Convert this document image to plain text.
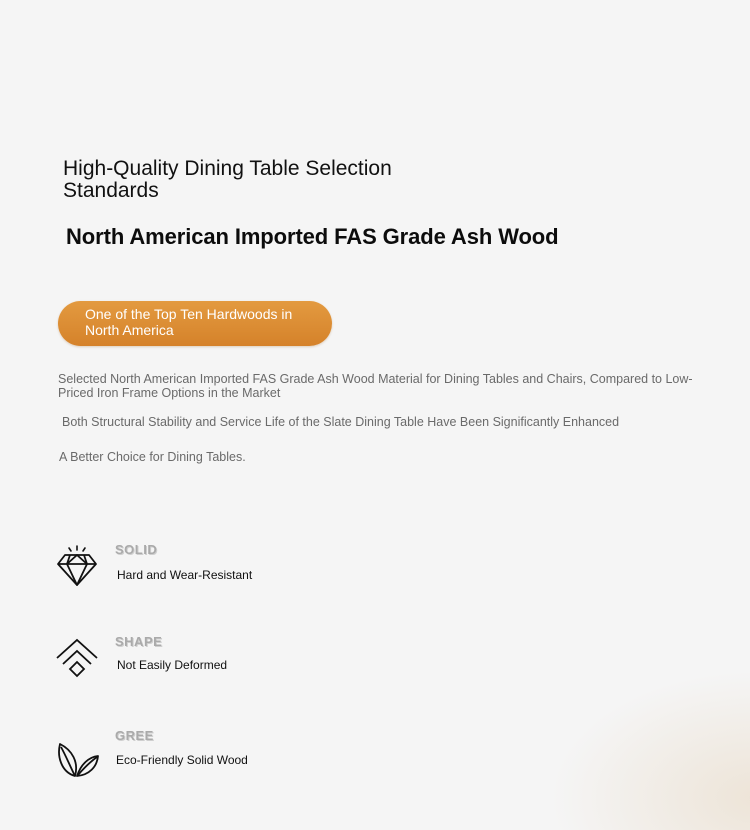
High-Quality Dining Table Selection Standards
North American Imported FAS Grade Ash Wood
One of the Top Ten Hardwoods in North America
Selected North American Imported FAS Grade Ash Wood Material for Dining Tables and Chairs, Compared to Low-Priced Iron Frame Options in the Market
Both Structural Stability and Service Life of the Slate Dining Table Have Been Significantly Enhanced
A Better Choice for Dining Tables.
SOLID
Hard and Wear-Resistant
SHAPE
Not Easily Deformed
GREE
Eco-Friendly Solid Wood
